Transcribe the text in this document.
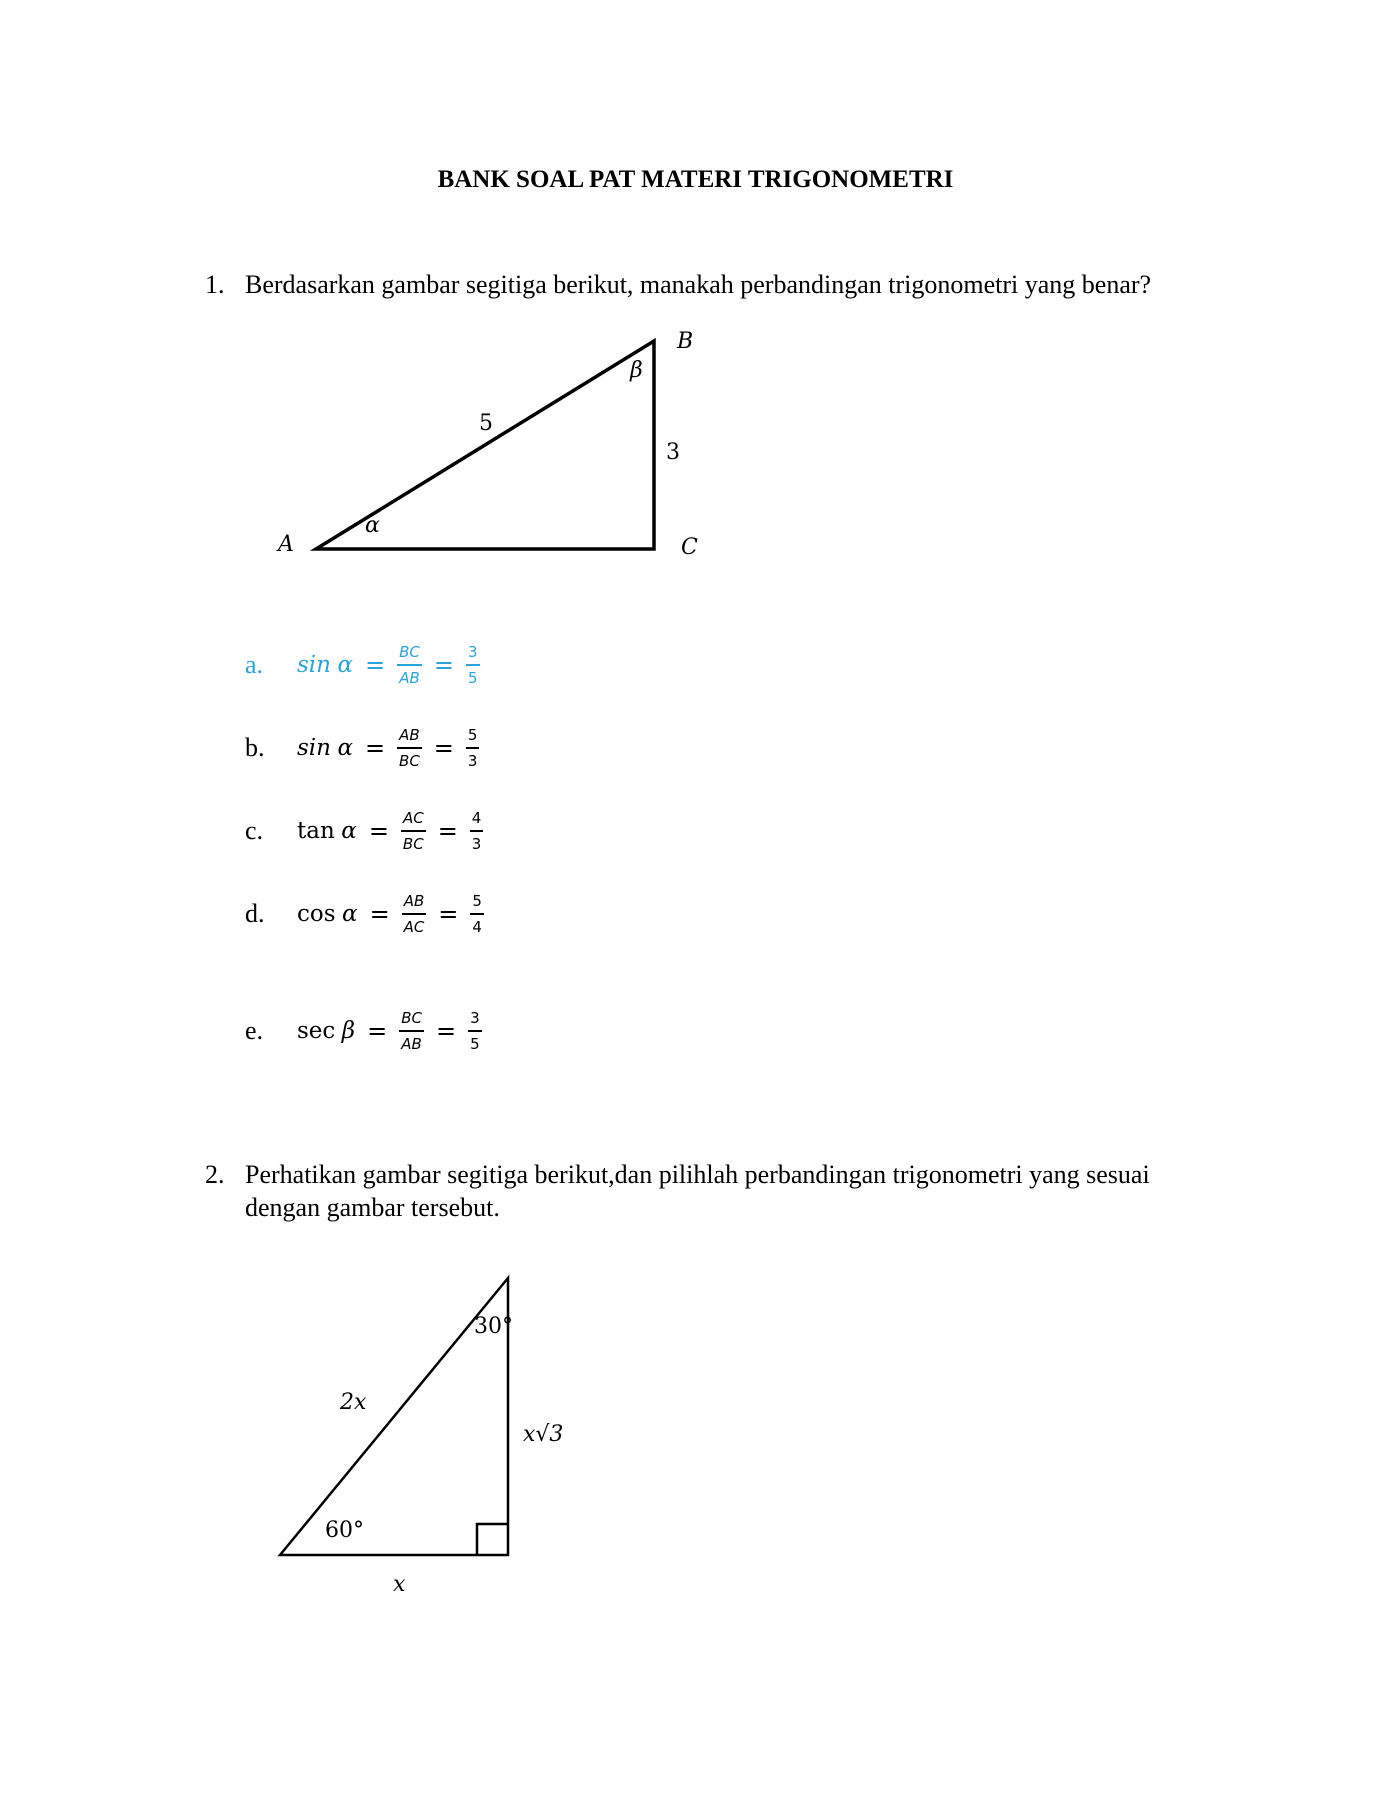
BANK SOAL PAT MATERI TRIGONOMETRI
1. Berdasarkan gambar segitiga berikut, manakah perbandingan trigonometri yang benar?
A
B
C
α
β
5
3
a.	sin
$\alpha = \frac{BC}{AB} = \frac{3}{5}$
b.	sin
$\alpha = \frac{AB}{BC} = \frac{5}{3}$
c.	tan
$\alpha = \frac{AC}{BC} = \frac{4}{3}$
d.	cos
$\alpha = \frac{AB}{AC} = \frac{5}{4}$
e.	sec
$\beta = \frac{BC}{AB} = \frac{3}{5}$
2. Perhatikan gambar segitiga berikut,dan pilihlah perbandingan trigonometri yang sesuai
dengan gambar tersebut.
30°
60°
2x
x√3
x
